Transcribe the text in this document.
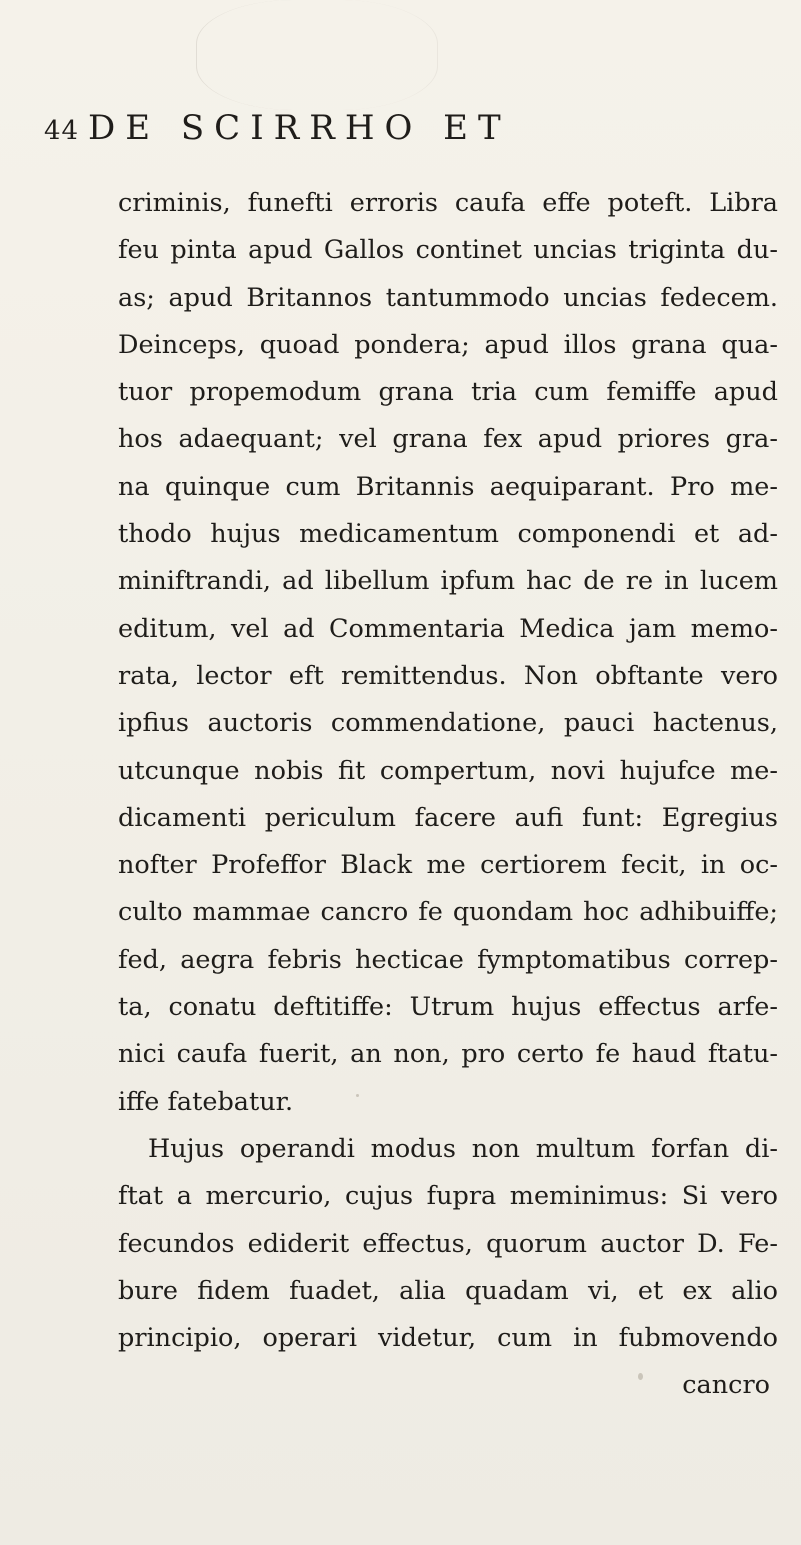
44 DE SCIRRHO ET
criminis, funefti erroris caufa effe poteft. Libra
feu pinta apud Gallos continet uncias triginta du-
as; apud Britannos tantummodo uncias fedecem.
Deinceps, quoad pondera; apud illos grana qua-
tuor propemodum grana tria cum femiffe apud
hos adaequant; vel grana fex apud priores gra-
na quinque cum Britannis aequiparant. Pro me-
thodo hujus medicamentum componendi et ad-
miniftrandi, ad libellum ipfum hac de re in lucem
editum, vel ad Commentaria Medica jam memo-
rata, lector eft remittendus. Non obftante vero
ipfius auctoris commendatione, pauci hactenus,
utcunque nobis fit compertum, novi hujufce me-
dicamenti periculum facere aufi funt: Egregius
nofter Profeffor Black me certiorem fecit, in oc-
culto mammae cancro fe quondam hoc adhibuiffe;
fed, aegra febris hecticae fymptomatibus correp-
ta, conatu deftitiffe: Utrum hujus effectus arfe-
nici caufa fuerit, an non, pro certo fe haud ftatu-
iffe fatebatur.
Hujus operandi modus non multum forfan di-
ftat a mercurio, cujus fupra meminimus: Si vero
fecundos ediderit effectus, quorum auctor D. Fe-
bure fidem fuadet, alia quadam vi, et ex alio
principio, operari videtur, cum in fubmovendo
cancro
